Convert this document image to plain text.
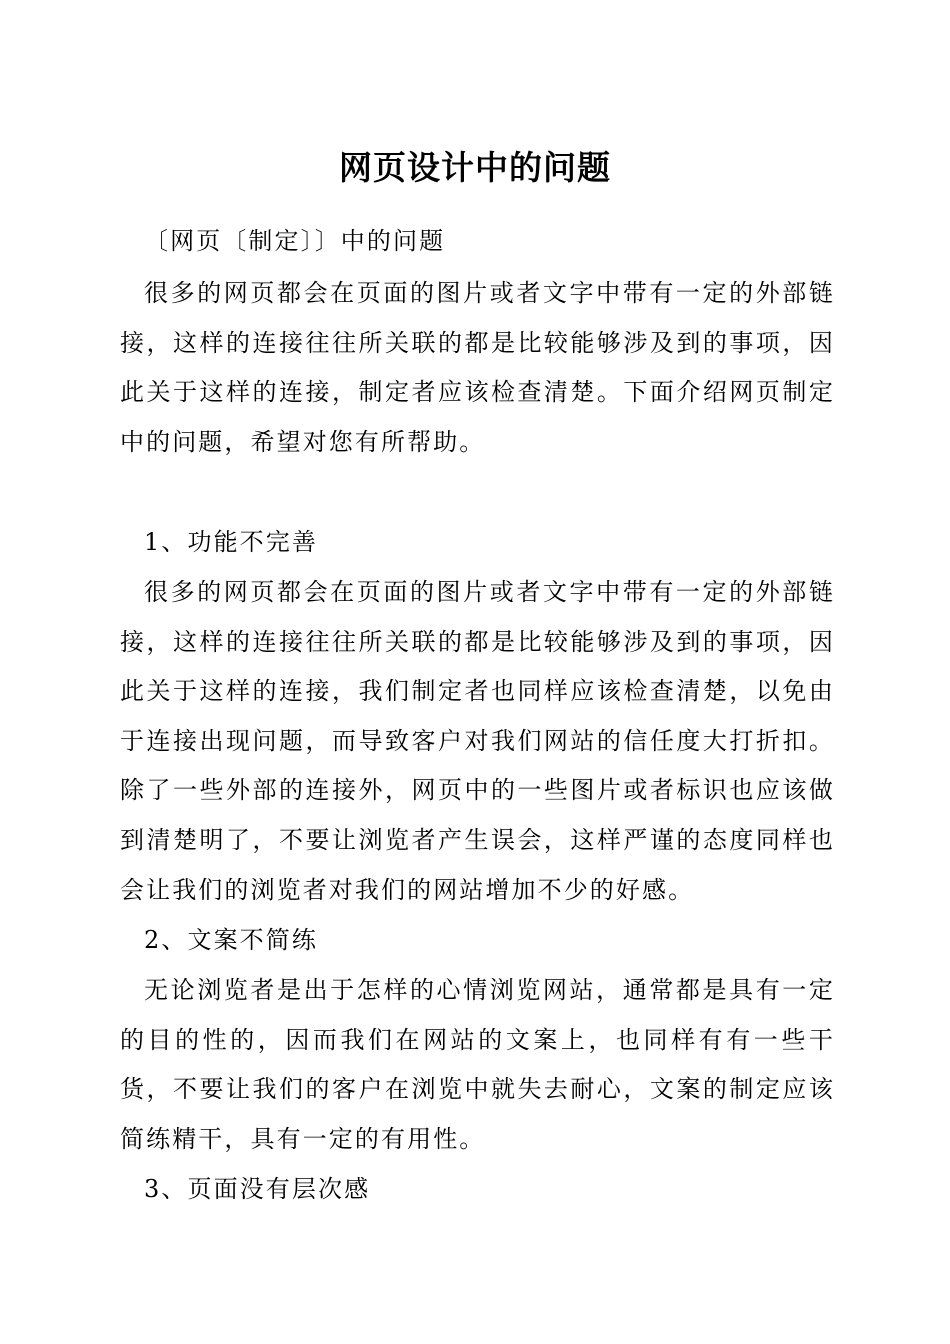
网页设计中的问题

〔网页〔制定〕〕中的问题

很多的网页都会在页面的图片或者文字中带有一定的外部链接，这样的连接往往所关联的都是比较能够涉及到的事项，因此关于这样的连接，制定者应该检查清楚。下面介绍网页制定中的问题，希望对您有所帮助。

1、功能不完善

很多的网页都会在页面的图片或者文字中带有一定的外部链接，这样的连接往往所关联的都是比较能够涉及到的事项，因此关于这样的连接，我们制定者也同样应该检查清楚，以免由于连接出现问题，而导致客户对我们网站的信任度大打折扣。除了一些外部的连接外，网页中的一些图片或者标识也应该做到清楚明了，不要让浏览者产生误会，这样严谨的态度同样也会让我们的浏览者对我们的网站增加不少的好感。

2、文案不简练

无论浏览者是出于怎样的心情浏览网站，通常都是具有一定的目的性的，因而我们在网站的文案上，也同样有有一些干货，不要让我们的客户在浏览中就失去耐心，文案的制定应该简练精干，具有一定的有用性。

3、页面没有层次感
